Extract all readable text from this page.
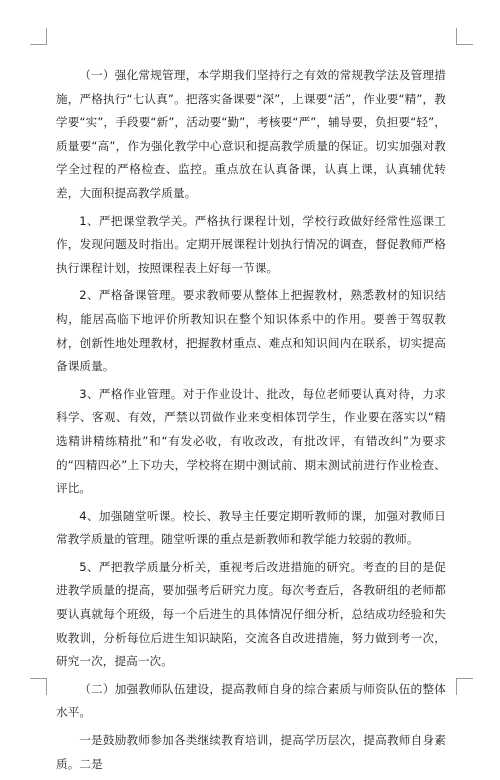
（一）强化常规管理，本学期我们坚持行之有效的常规教学法及管理措施，严格执行“七认真”。把落实备课要“深”，上课要“活”，作业要“精”，教学要“实”，手段要“新”，活动要“勤”，考核要“严”，辅导要，负担要“轻”，质量要“高”，作为强化教学中心意识和提高教学质量的保证。切实加强对教学全过程的严格检查、监控。重点放在认真备课，认真上课，认真辅优转差，大面积提高教学质量。

1、严把课堂教学关。严格执行课程计划，学校行政做好经常性巡课工作，发现问题及时指出。定期开展课程计划执行情况的调查，督促教师严格执行课程计划，按照课程表上好每一节课。

2、严格备课管理。要求教师要从整体上把握教材，熟悉教材的知识结构，能居高临下地评价所教知识在整个知识体系中的作用。要善于驾驭教材，创新性地处理教材，把握教材重点、难点和知识间内在联系，切实提高备课质量。

3、严格作业管理。对于作业设计、批改，每位老师要认真对待，力求科学、客观、有效，严禁以罚做作业来变相体罚学生，作业要在落实以“精选精讲精练精批”和“有发必收，有收改改，有批改评，有错改纠”为要求的“四精四必”上下功夫，学校将在期中测试前、期末测试前进行作业检查、评比。

4、加强随堂听课。校长、教导主任要定期听教师的课，加强对教师日常教学质量的管理。随堂听课的重点是新教师和教学能力较弱的教师。

5、严把教学质量分析关，重视考后改进措施的研究。考查的目的是促进教学质量的提高，要加强考后研究力度。每次考查后，各教研组的老师都要认真就每个班级，每一个后进生的具体情况仔细分析，总结成功经验和失败教训，分析每位后进生知识缺陷，交流各自改进措施，努力做到考一次，研究一次，提高一次。

（二）加强教师队伍建设，提高教师自身的综合素质与师资队伍的整体水平。

一是鼓励教师参加各类继续教育培训，提高学历层次，提高教师自身素质。二是
